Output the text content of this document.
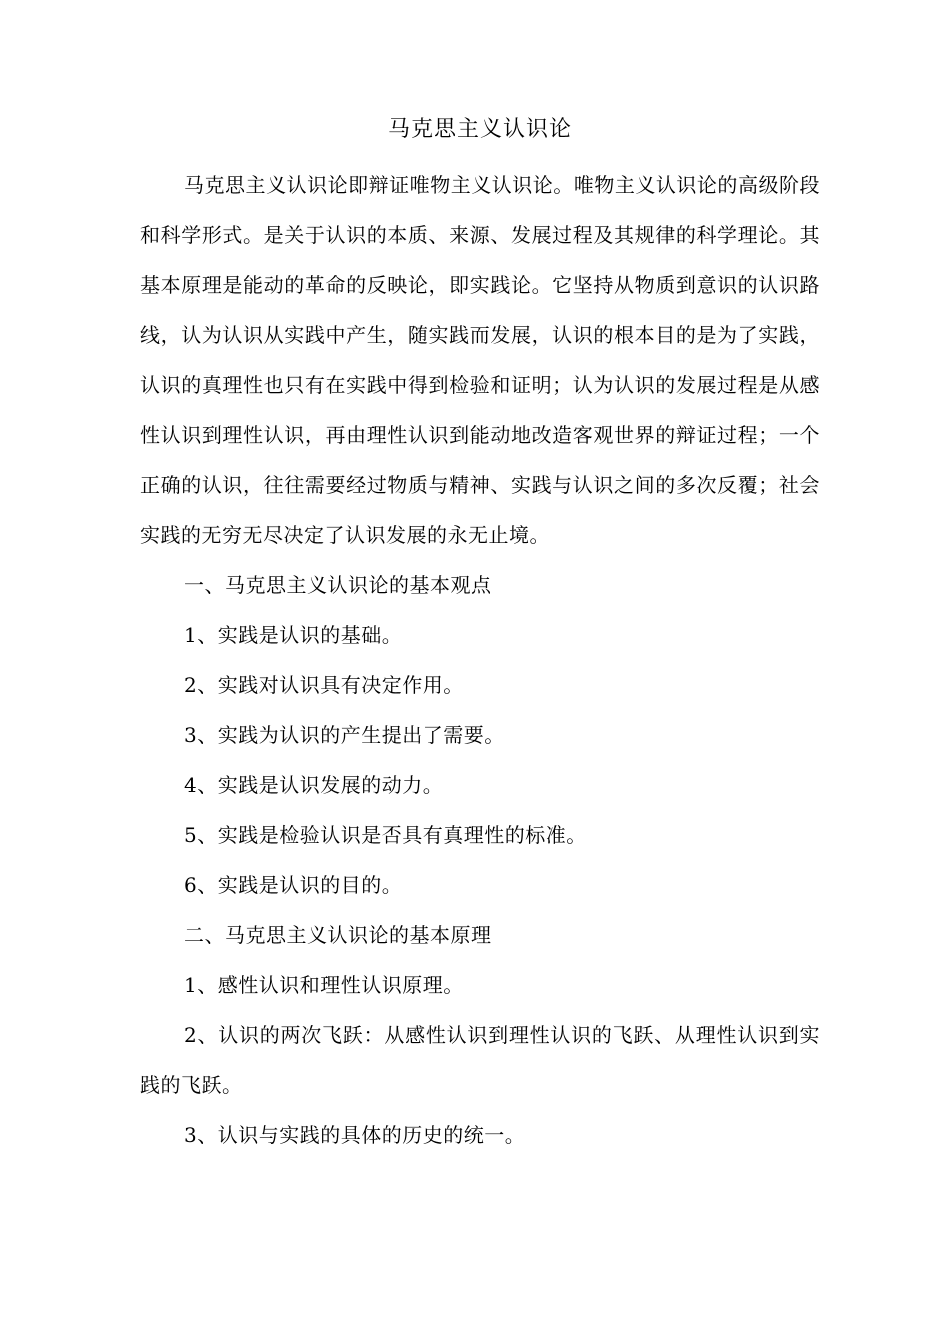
马克思主义认识论

马克思主义认识论即辩证唯物主义认识论。唯物主义认识论的高级阶段和科学形式。是关于认识的本质、来源、发展过程及其规律的科学理论。其基本原理是能动的革命的反映论，即实践论。它坚持从物质到意识的认识路线，认为认识从实践中产生，随实践而发展，认识的根本目的是为了实践，认识的真理性也只有在实践中得到检验和证明；认为认识的发展过程是从感性认识到理性认识，再由理性认识到能动地改造客观世界的辩证过程；一个正确的认识，往往需要经过物质与精神、实践与认识之间的多次反覆；社会实践的无穷无尽决定了认识发展的永无止境。

一、马克思主义认识论的基本观点

1、实践是认识的基础。

2、实践对认识具有决定作用。

3、实践为认识的产生提出了需要。

4、实践是认识发展的动力。

5、实践是检验认识是否具有真理性的标准。

6、实践是认识的目的。

二、马克思主义认识论的基本原理

1、感性认识和理性认识原理。

2、认识的两次飞跃：从感性认识到理性认识的飞跃、从理性认识到实践的飞跃。

3、认识与实践的具体的历史的统一。
